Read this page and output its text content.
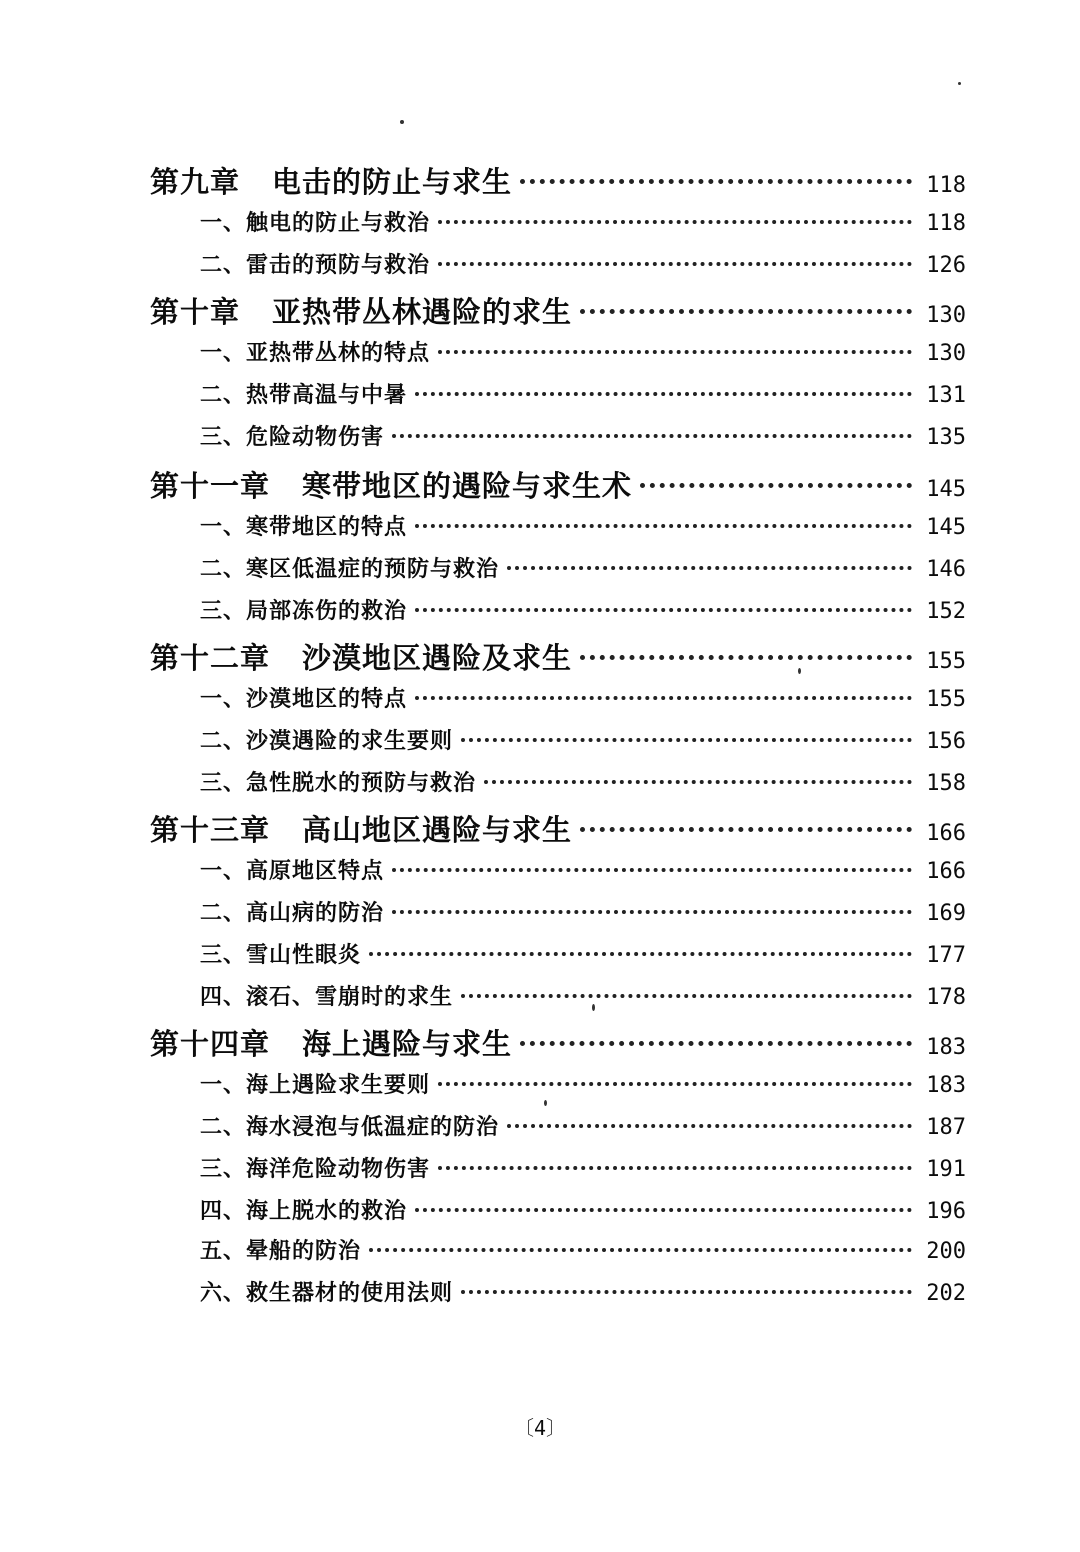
第九章 电击的防止与求生	118
一、触电的防止与救治	118
二、雷击的预防与救治	126
第十章 亚热带丛林遇险的求生	130
一、亚热带丛林的特点	130
二、热带高温与中暑	131
三、危险动物伤害	135
第十一章 寒带地区的遇险与求生术	145
一、寒带地区的特点	145
二、寒区低温症的预防与救治	146
三、局部冻伤的救治	152
第十二章 沙漠地区遇险及求生	155
一、沙漠地区的特点	155
二、沙漠遇险的求生要则	156
三、急性脱水的预防与救治	158
第十三章 高山地区遇险与求生	166
一、高原地区特点	166
二、高山病的防治	169
三、雪山性眼炎	177
四、滚石、雪崩时的求生	178
第十四章 海上遇险与求生	183
一、海上遇险求生要则	183
二、海水浸泡与低温症的防治	187
三、海洋危险动物伤害	191
四、海上脱水的救治	196
五、晕船的防治	200
六、救生器材的使用法则	202
〔4〕
